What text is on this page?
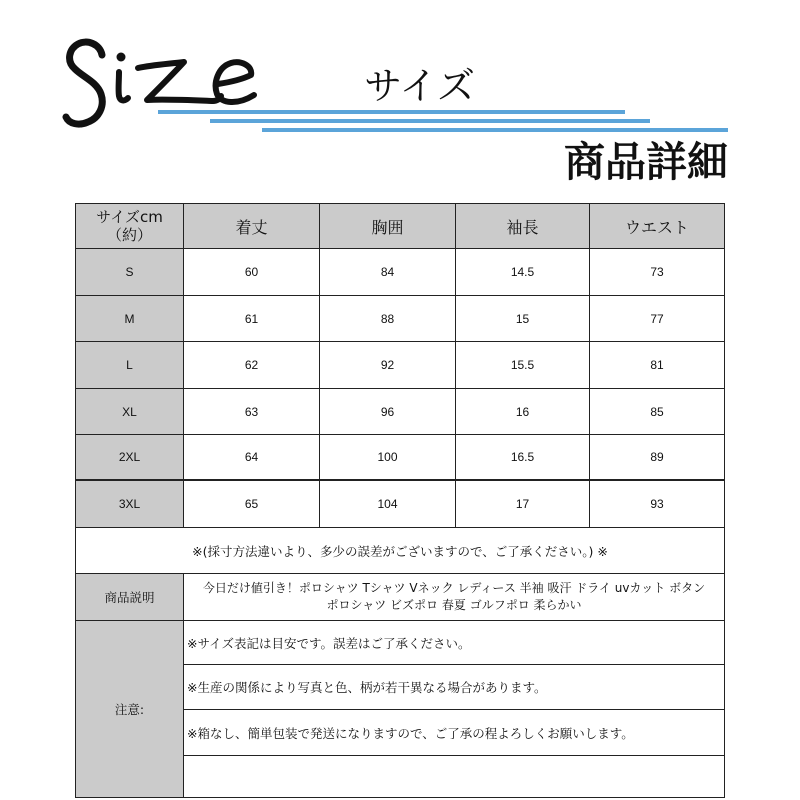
サイズ
商品詳細
サイズcm
（約）	着丈	胸囲	袖長	ウエスト
S	60	84	14.5	73
M	61	88	15	77
L	62	92	15.5	81
XL	63	96	16	85
2XL	64	100	16.5	89
3XL	65	104	17	93
※(採寸方法違いより、多少の誤差がございますので、ご了承ください。) ※
商品説明
今日だけ値引き！ポロシャツ Tシャツ Vネック レディース 半袖 吸汗 ドライ uvカット ボタン
ポロシャツ ビズポロ 春夏 ゴルフポロ 柔らかい
注意:
※サイズ表記は目安です。誤差はご了承ください。
※生産の関係により写真と色、柄が若干異なる場合があります。
※箱なし、簡単包装で発送になりますので、ご了承の程よろしくお願いします。
